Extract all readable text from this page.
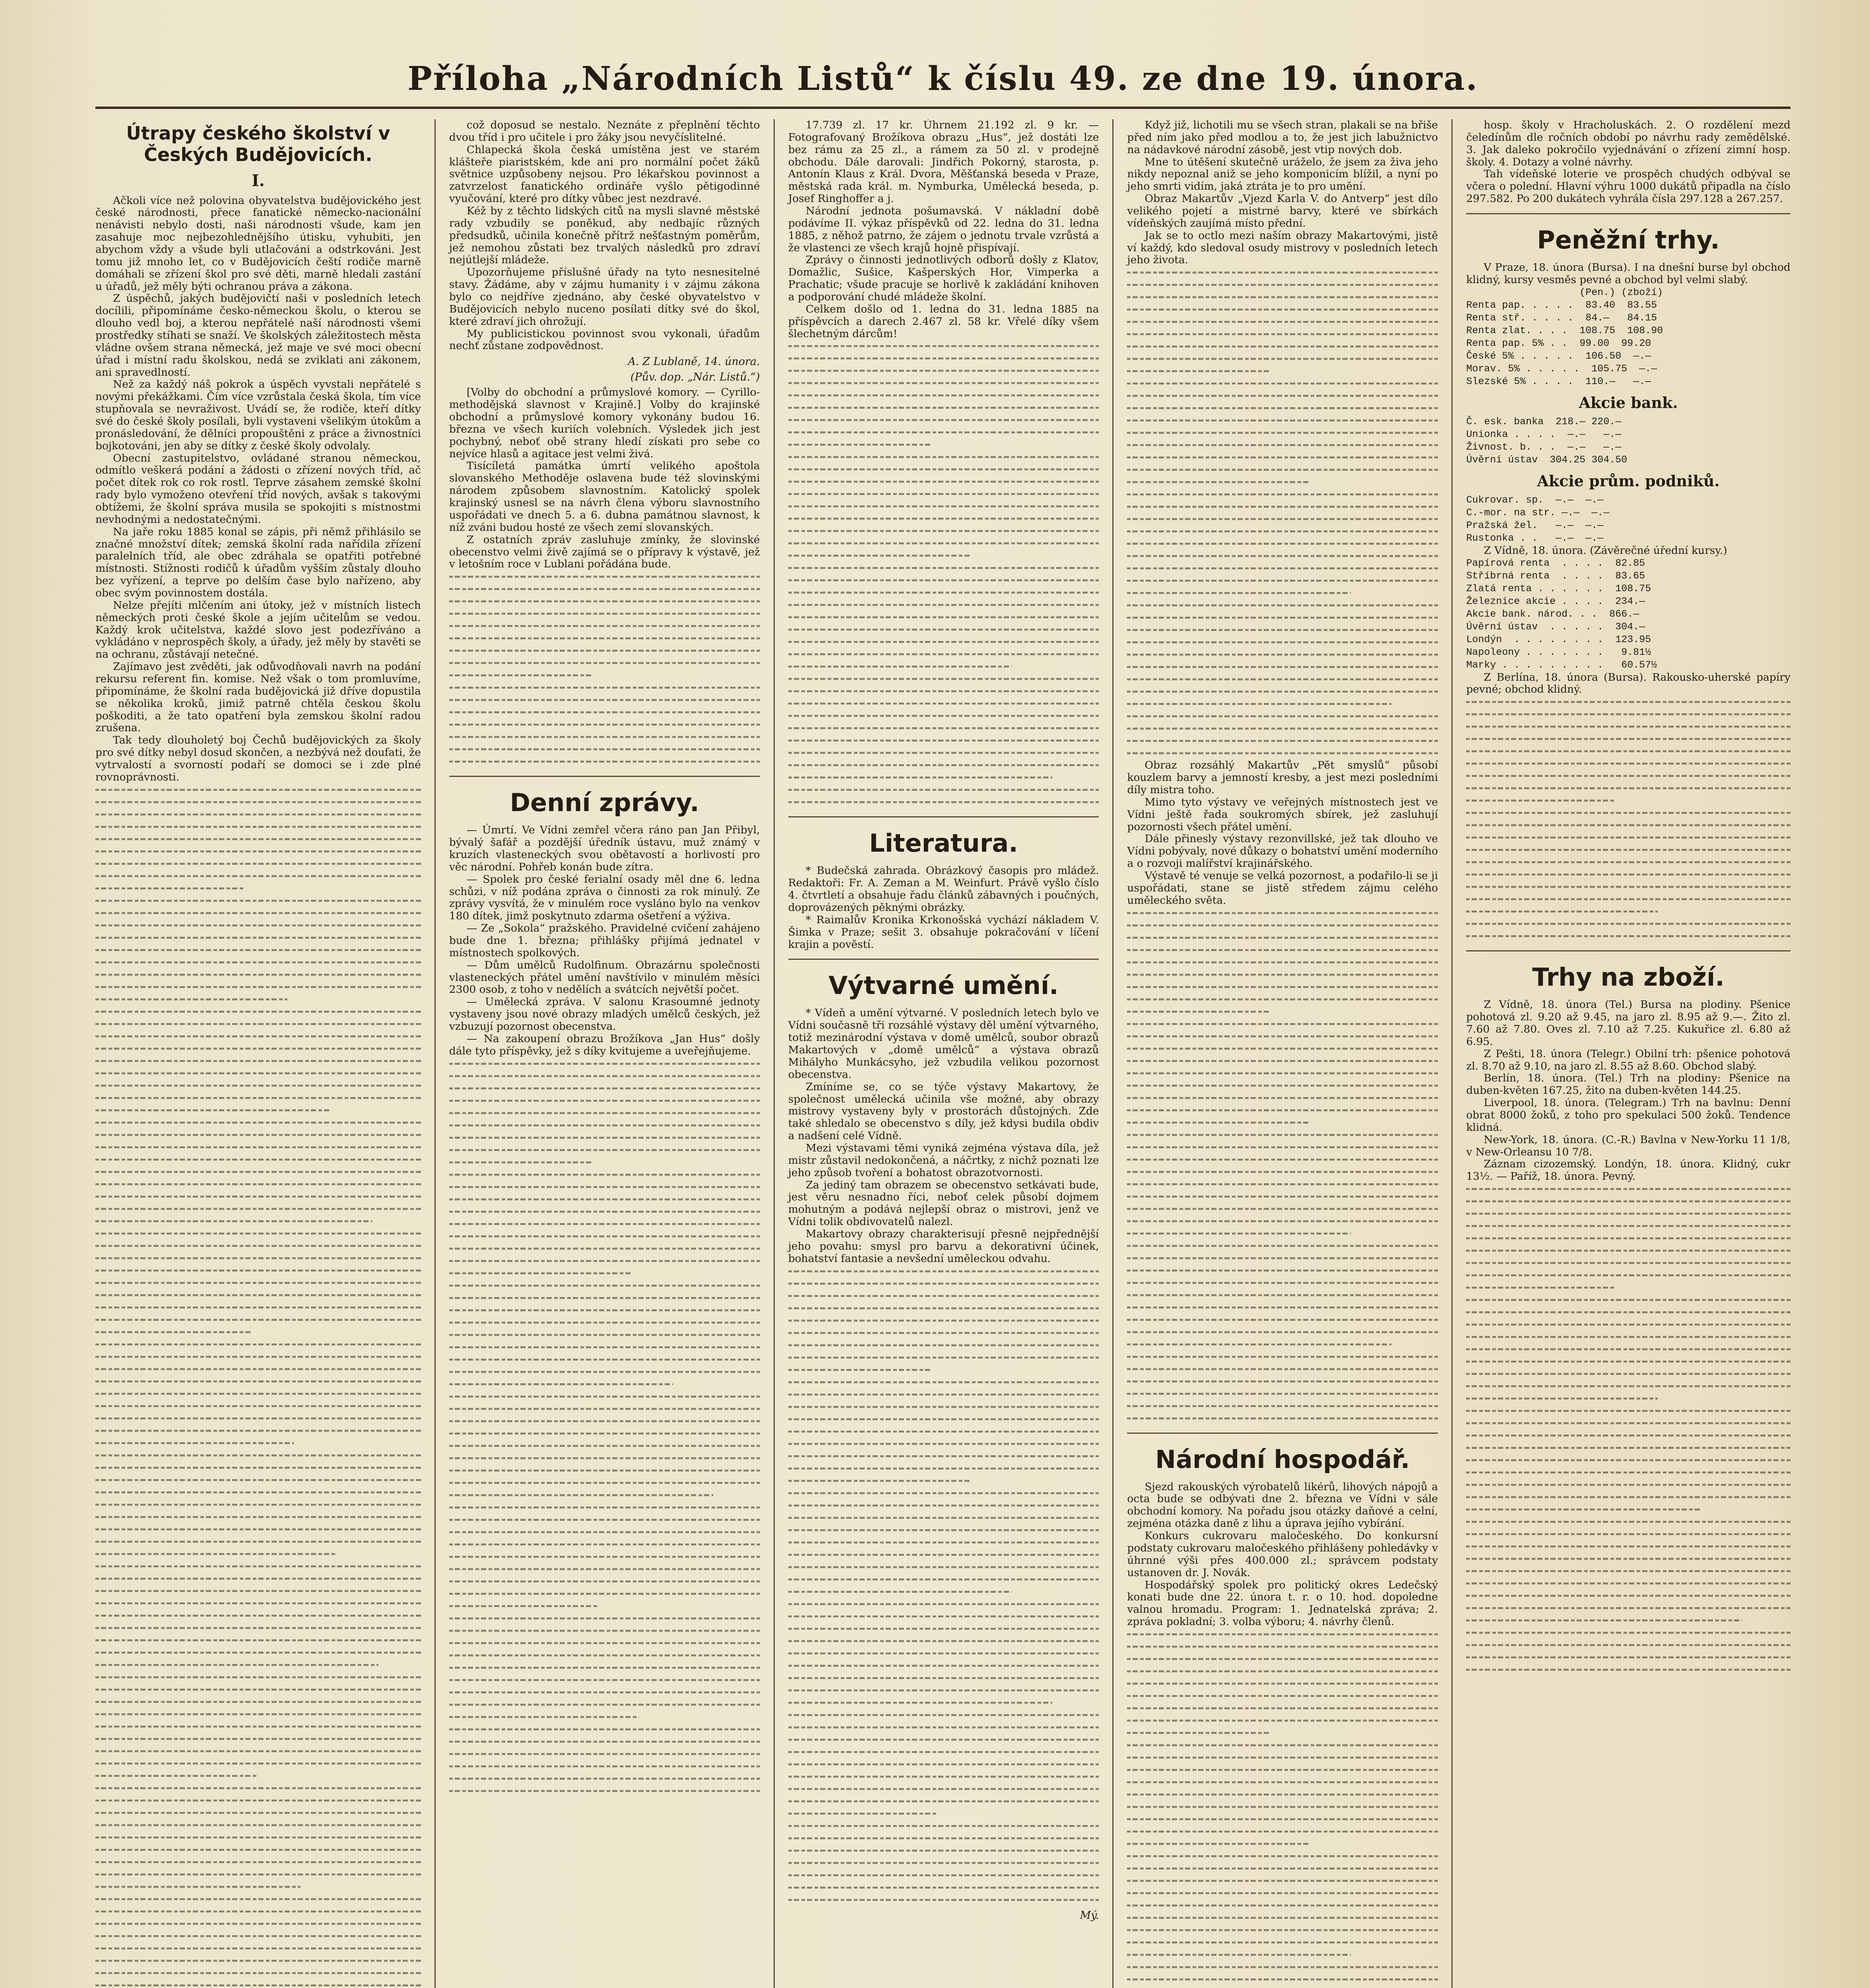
Příloha „Národních Listů“ k číslu 49. ze dne 19. února.
Útrapy českého školství v Českých Budějovicích.
I.

Ačkoli více než polovina obyvatelstva budějovického jest české národnosti, přece fanatické německo-nacionální nenávisti nebylo dosti, naši národnosti všude, kam jen zasahuje moc nejbezohlednějšího útisku, vyhubiti, jen abychom vždy a všude byli utlačováni a odstrkováni. Jest tomu již mnoho let, co v Budějovicích čeští rodiče marně domáhali se zřízení škol pro své děti, marně hledali zastání u úřadů, jež měly býti ochranou práva a zákona.

Z úspěchů, jakých budějovičtí naši v posledních letech docílili, připomínáme česko-německou školu, o kterou se dlouho vedl boj, a kterou nepřátelé naší národnosti všemi prostředky stíhati se snaží. Ve školských záležitostech města vládne ovšem strana německá, jež maje ve své moci obecní úřad i místní radu školskou, nedá se zviklati ani zákonem, ani spravedlností.

Než za každý náš pokrok a úspěch vyvstali nepřátelé s novými překážkami. Čím více vzrůstala česká škola, tím více stupňovala se nevraživost. Uvádí se, že rodiče, kteří dítky své do české školy posílali, byli vystaveni všelikým útokům a pronásledování, že dělníci propouštěni z práce a živnostníci bojkotováni, jen aby se dítky z české školy odvolaly.

Obecní zastupitelstvo, ovládané stranou německou, odmítlo veškerá podání a žádosti o zřízení nových tříd, ač počet dítek rok co rok rostl. Teprve zásahem zemské školní rady bylo vymoženo otevření tříd nových, avšak s takovými obtížemi, že školní správa musila se spokojiti s místnostmi nevhodnými a nedostatečnými.

Na jaře roku 1885 konal se zápis, při němž přihlásilo se značné množství dítek; zemská školní rada nařídila zřízení paralelních tříd, ale obec zdráhala se opatřiti potřebné místnosti. Stížnosti rodičů k úřadům vyšším zůstaly dlouho bez vyřízení, a teprve po delším čase bylo nařízeno, aby obec svým povinnostem dostála.

Nelze přejíti mlčením ani útoky, jež v místních listech německých proti české škole a jejím učitelům se vedou. Každý krok učitelstva, každé slovo jest podezříváno a vykládáno v neprospěch školy, a úřady, jež měly by stavěti se na ochranu, zůstávají netečné.

Zajímavo jest zvěděti, jak odůvodňovali navrh na podání rekursu referent fin. komise. Než však o tom promluvíme, připomínáme, že školní rada budějovická již dříve dopustila se několika kroků, jimiž patrně chtěla českou školu poškoditi, a že tato opatření byla zemskou školní radou zrušena.

Tak tedy dlouholetý boj Čechů budějovických za školy pro své dítky nebyl dosud skončen, a nezbývá než doufati, že vytrvalostí a svorností podaří se domoci se i zde plné rovnoprávnosti.

což doposud se nestalo. Neznáte z přeplnění těchto dvou tříd i pro učitele i pro žáky jsou nevyčíslitelné.

Chlapecká škola česká umístěna jest ve starém klášteře piaristském, kde ani pro normální počet žáků světnice uzpůsobeny nejsou. Pro lékařskou povinnost a zatvrzelost fanatického ordináře vyšlo pětigodinné vyučování, které pro dítky vůbec jest nezdravé.

Kéž by z těchto lidských citů na mysli slavné městské rady vzbudily se poněkud, aby nedbajíc různých předsudků, učinila konečně přítrž nešťastným poměrům, jež nemohou zůstati bez trvalých následků pro zdraví nejútlejší mládeže.

Upozorňujeme příslušné úřady na tyto nesnesitelné stavy. Žádáme, aby v zájmu humanity i v zájmu zákona bylo co nejdříve zjednáno, aby české obyvatelstvo v Budějovicích nebylo nuceno posílati dítky své do škol, které zdraví jich ohrožují.

My publicistickou povinnost svou vykonali, úřadům nechť zůstane zodpovědnost.

A. Z Lublaně, 14. února.
(Pův. dop. „Nár. Listů.“)

[Volby do obchodní a průmyslové komory. — Cyrillo-methodějská slavnost v Krajině.] Volby do krajinské obchodní a průmyslové komory vykonány budou 16. března ve všech kuriích volebních. Výsledek jich jest pochybný, neboť obě strany hledí získati pro sebe co nejvíce hlasů a agitace jest velmi živá.

Tisícíletá památka úmrtí velikého apoštola slovanského Methoděje oslavena bude též slovinskými národem způsobem slavnostním. Katolický spolek krajinský usnesl se na návrh člena výboru slavnostního uspořádati ve dnech 5. a 6. dubna památnou slavnost, k níž zváni budou hosté ze všech zemí slovanských.

Z ostatních zpráv zasluhuje zmínky, že slovinské obecenstvo velmi živě zajímá se o přípravy k výstavě, jež v letošním roce v Lublani pořádána bude.

Denní zprávy.

— Úmrtí. Ve Vídni zemřel včera ráno pan Jan Přibyl, bývalý šafář a pozdější úředník ústavu, muž známý v kruzích vlasteneckých svou obětavostí a horlivostí pro věc národní. Pohřeb konán bude zítra.

— Spolek pro české ferialní osady měl dne 6. ledna schůzi, v níž podána zpráva o činnosti za rok minulý. Ze zprávy vysvítá, že v minulém roce vysláno bylo na venkov 180 dítek, jimž poskytnuto zdarma ošetření a výživa.

— Ze „Sokola“ pražského. Pravidelné cvičení zahájeno bude dne 1. března; přihlášky přijímá jednatel v místnostech spolkových.

— Dům umělců Rudolfinum. Obrazárnu společnosti vlasteneckých přátel umění navštívilo v minulém měsíci 2300 osob, z toho v nedělích a svátcích největší počet.

— Umělecká zpráva. V salonu Krasoumné jednoty vystaveny jsou nové obrazy mladých umělců českých, jež vzbuzují pozornost obecenstva.

— Na zakoupení obrazu Brožíkova „Jan Hus“ došly dále tyto příspěvky, jež s díky kvitujeme a uveřejňujeme.

17.739 zl. 17 kr. Úhrnem 21.192 zl. 9 kr. — Fotografovaný Brožíkova obrazu „Hus“, jež dostáti lze bez rámu za 25 zl., a rámem za 50 zl. v prodejně obchodu. Dále darovali: Jindřich Pokorný, starosta, p. Antonín Klaus z Král. Dvora, Měšťanská beseda v Praze, městská rada král. m. Nymburka, Umělecká beseda, p. Josef Ringhoffer a j.

Národní jednota pošumavská. V nákladní době podávíme II. výkaz příspěvků od 22. ledna do 31. ledna 1885, z něhož patrno, že zájem o jednotu trvale vzrůstá a že vlastenci ze všech krajů hojně přispívají.

Zprávy o činnosti jednotlivých odborů došly z Klatov, Domažlic, Sušice, Kašperských Hor, Vimperka a Prachatic; všude pracuje se horlivě k zakládání knihoven a podporování chudé mládeže školní.

Celkem došlo od 1. ledna do 31. ledna 1885 na příspěvcích a darech 2.467 zl. 58 kr. Vřelé díky všem šlechetným dárcům!

Literatura.

* Budečská zahrada. Obrázkový časopis pro mládež. Redaktoři: Fr. A. Zeman a M. Weinfurt. Právě vyšlo číslo 4. čtvrtletí a obsahuje řadu článků zábavných i poučných, doprovázených pěknými obrázky.

* Raimalův Kronika Krkonošská vychází nákladem V. Šimka v Praze; sešit 3. obsahuje pokračování v líčení krajin a pověstí.

Výtvarné umění.

* Vídeň a umění výtvarné. V posledních letech bylo ve Vídni současně tři rozsáhlé výstavy děl umění výtvarného, totiž mezinárodní výstava v domě umělců, soubor obrazů Makartových v „domě umělců“ a výstava obrazů Mihályho Munkácsyho, jež vzbudila velikou pozornost obecenstva.

Zmíníme se, co se týče výstavy Makartovy, že společnost umělecká učinila vše možné, aby obrazy mistrovy vystaveny byly v prostorách důstojných. Zde také shledalo se obecenstvo s díly, jež kdysi budila obdiv a nadšení celé Vídně.

Mezi výstavami těmi vyniká zejména výstava díla, jež mistr zůstavil nedokončená, a náčrtky, z nichž poznati lze jeho způsob tvoření a bohatost obrazotvornosti.

Za jediný tam obrazem se obecenstvo setkávati bude, jest věru nesnadno říci, neboť celek působí dojmem mohutným a podává nejlepší obraz o mistrovi, jenž ve Vídni tolik obdivovatelů nalezl.

Makartovy obrazy charakterisují přesně nejpřednější jeho povahu: smysl pro barvu a dekorativní účinek, bohatství fantasie a nevšední uměleckou odvahu.

Mý.

Když již, lichotili mu se všech stran, plakali se na břiše před ním jako před modlou a to, že jest jich labužnictvo na nádavkové národní zásobě, jest vtip nových dob.

Mne to útěšení skutečně uráželo, že jsem za živa jeho nikdy nepoznal aniž se jeho komponicím blížil, a nyní po jeho smrti vidím, jaká ztráta je to pro umění.

Obraz Makartův „Vjezd Karla V. do Antverp“ jest dílo velikého pojetí a mistrné barvy, které ve sbírkách vídeňských zaujímá místo přední.

Jak se to octlo mezi naším obrazy Makartovými, jistě ví každý, kdo sledoval osudy mistrovy v posledních letech jeho života.

Obraz rozsáhlý Makartův „Pět smyslů“ působí kouzlem barvy a jemností kresby, a jest mezi posledními díly mistra toho.

Mimo tyto výstavy ve veřejných místnostech jest ve Vídni ještě řada soukromých sbírek, jež zasluhují pozornosti všech přátel umění.

Dále přinesly výstavy rezonvillské, jež tak dlouho ve Vídni pobývaly, nové důkazy o bohatství umění moderního a o rozvoji malířství krajinářského.

Výstavě té venuje se velká pozornost, a podařilo-li se ji uspořádati, stane se jistě středem zájmu celého uměleckého světa.

Národní hospodář.

Sjezd rakouských výrobatelů likérů, lihových nápojů a octa bude se odbývati dne 2. března ve Vídni v sále obchodní komory. Na pořadu jsou otázky daňové a celní, zejména otázka daně z lihu a úprava jejího vybírání.

Konkurs cukrovaru maločeského. Do konkursní podstaty cukrovaru maločeského přihlášeny pohledávky v úhrnné výši přes 400.000 zl.; správcem podstaty ustanoven dr. J. Novák.

Hospodářský spolek pro politický okres Ledečský konati bude dne 22. února t. r. o 10. hod. dopoledne valnou hromadu. Program: 1. Jednatelská zpráva; 2. zpráva pokladní; 3. volba výboru; 4. návrhy členů.

hosp. školy v Hracholuskách. 2. O rozdělení mezd čeledínům dle ročních období po návrhu rady zemědělské. 3. Jak daleko pokročilo vyjednávání o zřízení zimní hosp. školy. 4. Dotazy a volné návrhy.

Tah vídeňské loterie ve prospěch chudých odbýval se včera o polední. Hlavní výhru 1000 dukátů připadla na číslo 297.582. Po 200 dukátech vyhrála čísla 297.128 a 267.257.

Peněžní trhy.

V Praze, 18. února (Bursa). I na dnešní burse byl obchod klidný, kursy vesměs pevné a obchod byl velmi slabý.

(Pen.) (zboží)
Renta pap. . . . .  83.40  83.55
Renta stř. . . . .  84.—   84.15
Renta zlat. . . .  108.75  108.90
Renta pap. 5% . .  99.00  99.20
České 5% . . . . .  106.50  —.—
Morav. 5% . . . . .  105.75  —.—
Slezské 5% . . . .  110.—   —.—
Akcie bank.
Č. esk. banka  218.— 220.—
Unionka . . . .  —.—   —.—
Živnost. b. . .  —.—   —.—
Úvěrní ústav  304.25 304.50
Akcie prům. podniků.
Cukrovar. sp.  —.—  —.—
C.-mor. na str. —.—  —.—
Pražská žel.   —.—  —.—
Rustonka . .   —.—  —.—

Z Vídně, 18. února. (Závěrečné úřední kursy.)

Papírová renta  . . . .  82.85
Stříbrná renta  . . . .  83.65
Zlatá renta . . . . . .  108.75
Železnice akcie . . . .  234.—
Akcie bank. národ. . .  866.—
Úvěrní ústav  . . . . .  304.—
Londýn  . . . . . . . .  123.95
Napoleony . . . . . . .   9.81½
Marky . . . . . . . . .   60.57½

Z Berlína, 18. února (Bursa). Rakousko-uherské papíry pevné; obchod klidný.

Trhy na zboží.

Z Vídně, 18. února (Tel.) Bursa na plodiny. Pšenice pohotová zl. 9.20 až 9.45, na jaro zl. 8.95 až 9.—. Žito zl. 7.60 až 7.80. Oves zl. 7.10 až 7.25. Kukuřice zl. 6.80 až 6.95.

Z Pešti, 18. února (Telegr.) Obilní trh: pšenice pohotová zl. 8.70 až 9.10, na jaro zl. 8.55 až 8.60. Obchod slabý.

Berlín, 18. února. (Tel.) Trh na plodiny: Pšenice na duben-květen 167.25, žito na duben-květen 144.25.

Liverpool, 18. února. (Telegram.) Trh na bavlnu: Denní obrat 8000 žoků, z toho pro spekulaci 500 žoků. Tendence klidná.

New-York, 18. února. (C.-R.) Bavlna v New-Yorku 11 1/8, v New-Orleansu 10 7/8.

Záznam cizozemský. Londýn, 18. února. Klidný, cukr 13½. — Paříž, 18. února. Pevný.
